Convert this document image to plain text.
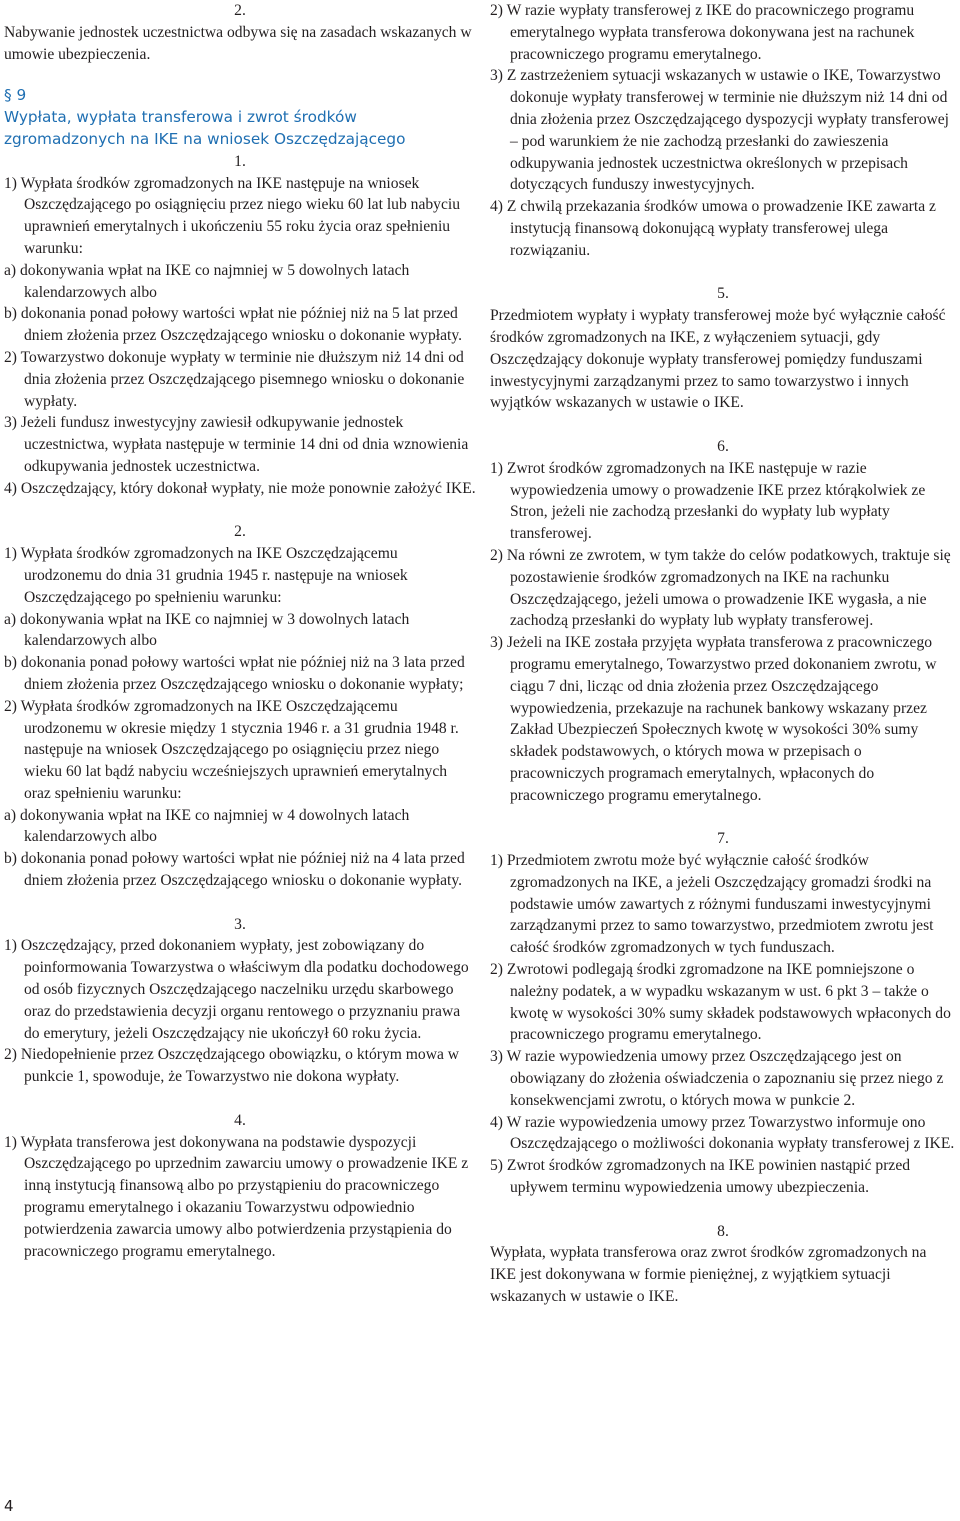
2.

Nabywanie jednostek uczestnictwa odbywa się na zasadach wskazanych w umowie ubezpieczenia.

§ 9

Wypłata, wypłata transferowa i zwrot środków zgromadzonych na IKE na wniosek Oszczędzającego

1.

1) Wypłata środków zgromadzonych na IKE następuje na wniosek Oszczędzającego po osiągnięciu przez niego wieku 60 lat lub nabyciu uprawnień emerytalnych i ukończeniu 55 roku życia oraz spełnieniu warunku:

a) dokonywania wpłat na IKE co najmniej w 5 dowolnych latach kalendarzowych albo

b) dokonania ponad połowy wartości wpłat nie później niż na 5 lat przed dniem złożenia przez Oszczędzającego wniosku o dokonanie wypłaty.

2) Towarzystwo dokonuje wypłaty w terminie nie dłuższym niż 14 dni od dnia złożenia przez Oszczędzającego pisemnego wniosku o dokonanie wypłaty.

3) Jeżeli fundusz inwestycyjny zawiesił odkupywanie jednostek uczestnictwa, wypłata następuje w terminie 14 dni od dnia wznowienia odkupywania jednostek uczestnictwa.

4) Oszczędzający, który dokonał wypłaty, nie może ponownie założyć IKE.

2.

1) Wypłata środków zgromadzonych na IKE Oszczędzającemu urodzonemu do dnia 31 grudnia 1945 r. następuje na wniosek Oszczędzającego po spełnieniu warunku:

a) dokonywania wpłat na IKE co najmniej w 3 dowolnych latach kalendarzowych albo

b) dokonania ponad połowy wartości wpłat nie później niż na 3 lata przed dniem złożenia przez Oszczędzającego wniosku o dokonanie wypłaty;

2) Wypłata środków zgromadzonych na IKE Oszczędzającemu urodzonemu w okresie między 1 stycznia 1946 r. a 31 grudnia 1948 r. następuje na wniosek Oszczędzającego po osiągnięciu przez niego wieku 60 lat bądź nabyciu wcześniejszych uprawnień emerytalnych oraz spełnieniu warunku:

a) dokonywania wpłat na IKE co najmniej w 4 dowolnych latach kalendarzowych albo

b) dokonania ponad połowy wartości wpłat nie później niż na 4 lata przed dniem złożenia przez Oszczędzającego wniosku o dokonanie wypłaty.

3.

1) Oszczędzający, przed dokonaniem wypłaty, jest zobowiązany do poinformowania Towarzystwa o właściwym dla podatku dochodowego od osób fizycznych Oszczędzającego naczelniku urzędu skarbowego oraz do przedstawienia decyzji organu rentowego o przyznaniu prawa do emerytury, jeżeli Oszczędzający nie ukończył 60 roku życia.

2) Niedopełnienie przez Oszczędzającego obowiązku, o którym mowa w punkcie 1, spowoduje, że Towarzystwo nie dokona wypłaty.

4.

1) Wypłata transferowa jest dokonywana na podstawie dyspozycji Oszczędzającego po uprzednim zawarciu umowy o prowadzenie IKE z inną instytucją finansową albo po przystąpieniu do pracowniczego programu emerytalnego i okazaniu Towarzystwu odpowiednio potwierdzenia zawarcia umowy albo potwierdzenia przystąpienia do pracowniczego programu emerytalnego.

2) W razie wypłaty transferowej z IKE do pracowniczego programu emerytalnego wypłata transferowa dokonywana jest na rachunek pracowniczego programu emerytalnego.

3) Z zastrzeżeniem sytuacji wskazanych w ustawie o IKE, Towarzystwo dokonuje wypłaty transferowej w terminie nie dłuższym niż 14 dni od dnia złożenia przez Oszczędzającego dyspozycji wypłaty transferowej – pod warunkiem że nie zachodzą przesłanki do zawieszenia odkupywania jednostek uczestnictwa określonych w przepisach dotyczących funduszy inwestycyjnych.

4) Z chwilą przekazania środków umowa o prowadzenie IKE zawarta z instytucją finansową dokonującą wypłaty transferowej ulega rozwiązaniu.

5.

Przedmiotem wypłaty i wypłaty transferowej może być wyłącznie całość środków zgromadzonych na IKE, z wyłączeniem sytuacji, gdy Oszczędzający dokonuje wypłaty transferowej pomiędzy funduszami inwestycyjnymi zarządzanymi przez to samo towarzystwo i innych wyjątków wskazanych w ustawie o IKE.

6.

1) Zwrot środków zgromadzonych na IKE następuje w razie wypowiedzenia umowy o prowadzenie IKE przez którąkolwiek ze Stron, jeżeli nie zachodzą przesłanki do wypłaty lub wypłaty transferowej.

2) Na równi ze zwrotem, w tym także do celów podatkowych, traktuje się pozostawienie środków zgromadzonych na IKE na rachunku Oszczędzającego, jeżeli umowa o prowadzenie IKE wygasła, a nie zachodzą przesłanki do wypłaty lub wypłaty transferowej.

3) Jeżeli na IKE została przyjęta wypłata transferowa z pracowniczego programu emerytalnego, Towarzystwo przed dokonaniem zwrotu, w ciągu 7 dni, licząc od dnia złożenia przez Oszczędzającego wypowiedzenia, przekazuje na rachunek bankowy wskazany przez Zakład Ubezpieczeń Społecznych kwotę w wysokości 30% sumy składek podstawowych, o których mowa w przepisach o pracowniczych programach emerytalnych, wpłaconych do pracowniczego programu emerytalnego.

7.

1) Przedmiotem zwrotu może być wyłącznie całość środków zgromadzonych na IKE, a jeżeli Oszczędzający gromadzi środki na podstawie umów zawartych z różnymi funduszami inwestycyjnymi zarządzanymi przez to samo towarzystwo, przedmiotem zwrotu jest całość środków zgromadzonych w tych funduszach.

2) Zwrotowi podlegają środki zgromadzone na IKE pomniejszone o należny podatek, a w wypadku wskazanym w ust. 6 pkt 3 – także o kwotę w wysokości 30% sumy składek podstawowych wpłaconych do pracowniczego programu emerytalnego.

3) W razie wypowiedzenia umowy przez Oszczędzającego jest on obowiązany do złożenia oświadczenia o zapoznaniu się przez niego z konsekwencjami zwrotu, o których mowa w punkcie 2.

4) W razie wypowiedzenia umowy przez Towarzystwo informuje ono Oszczędzającego o możliwości dokonania wypłaty transferowej z IKE.

5) Zwrot środków zgromadzonych na IKE powinien nastąpić przed upływem terminu wypowiedzenia umowy ubezpieczenia.

8.

Wypłata, wypłata transferowa oraz zwrot środków zgromadzonych na IKE jest dokonywana w formie pieniężnej, z wyjątkiem sytuacji wskazanych w ustawie o IKE.

4
